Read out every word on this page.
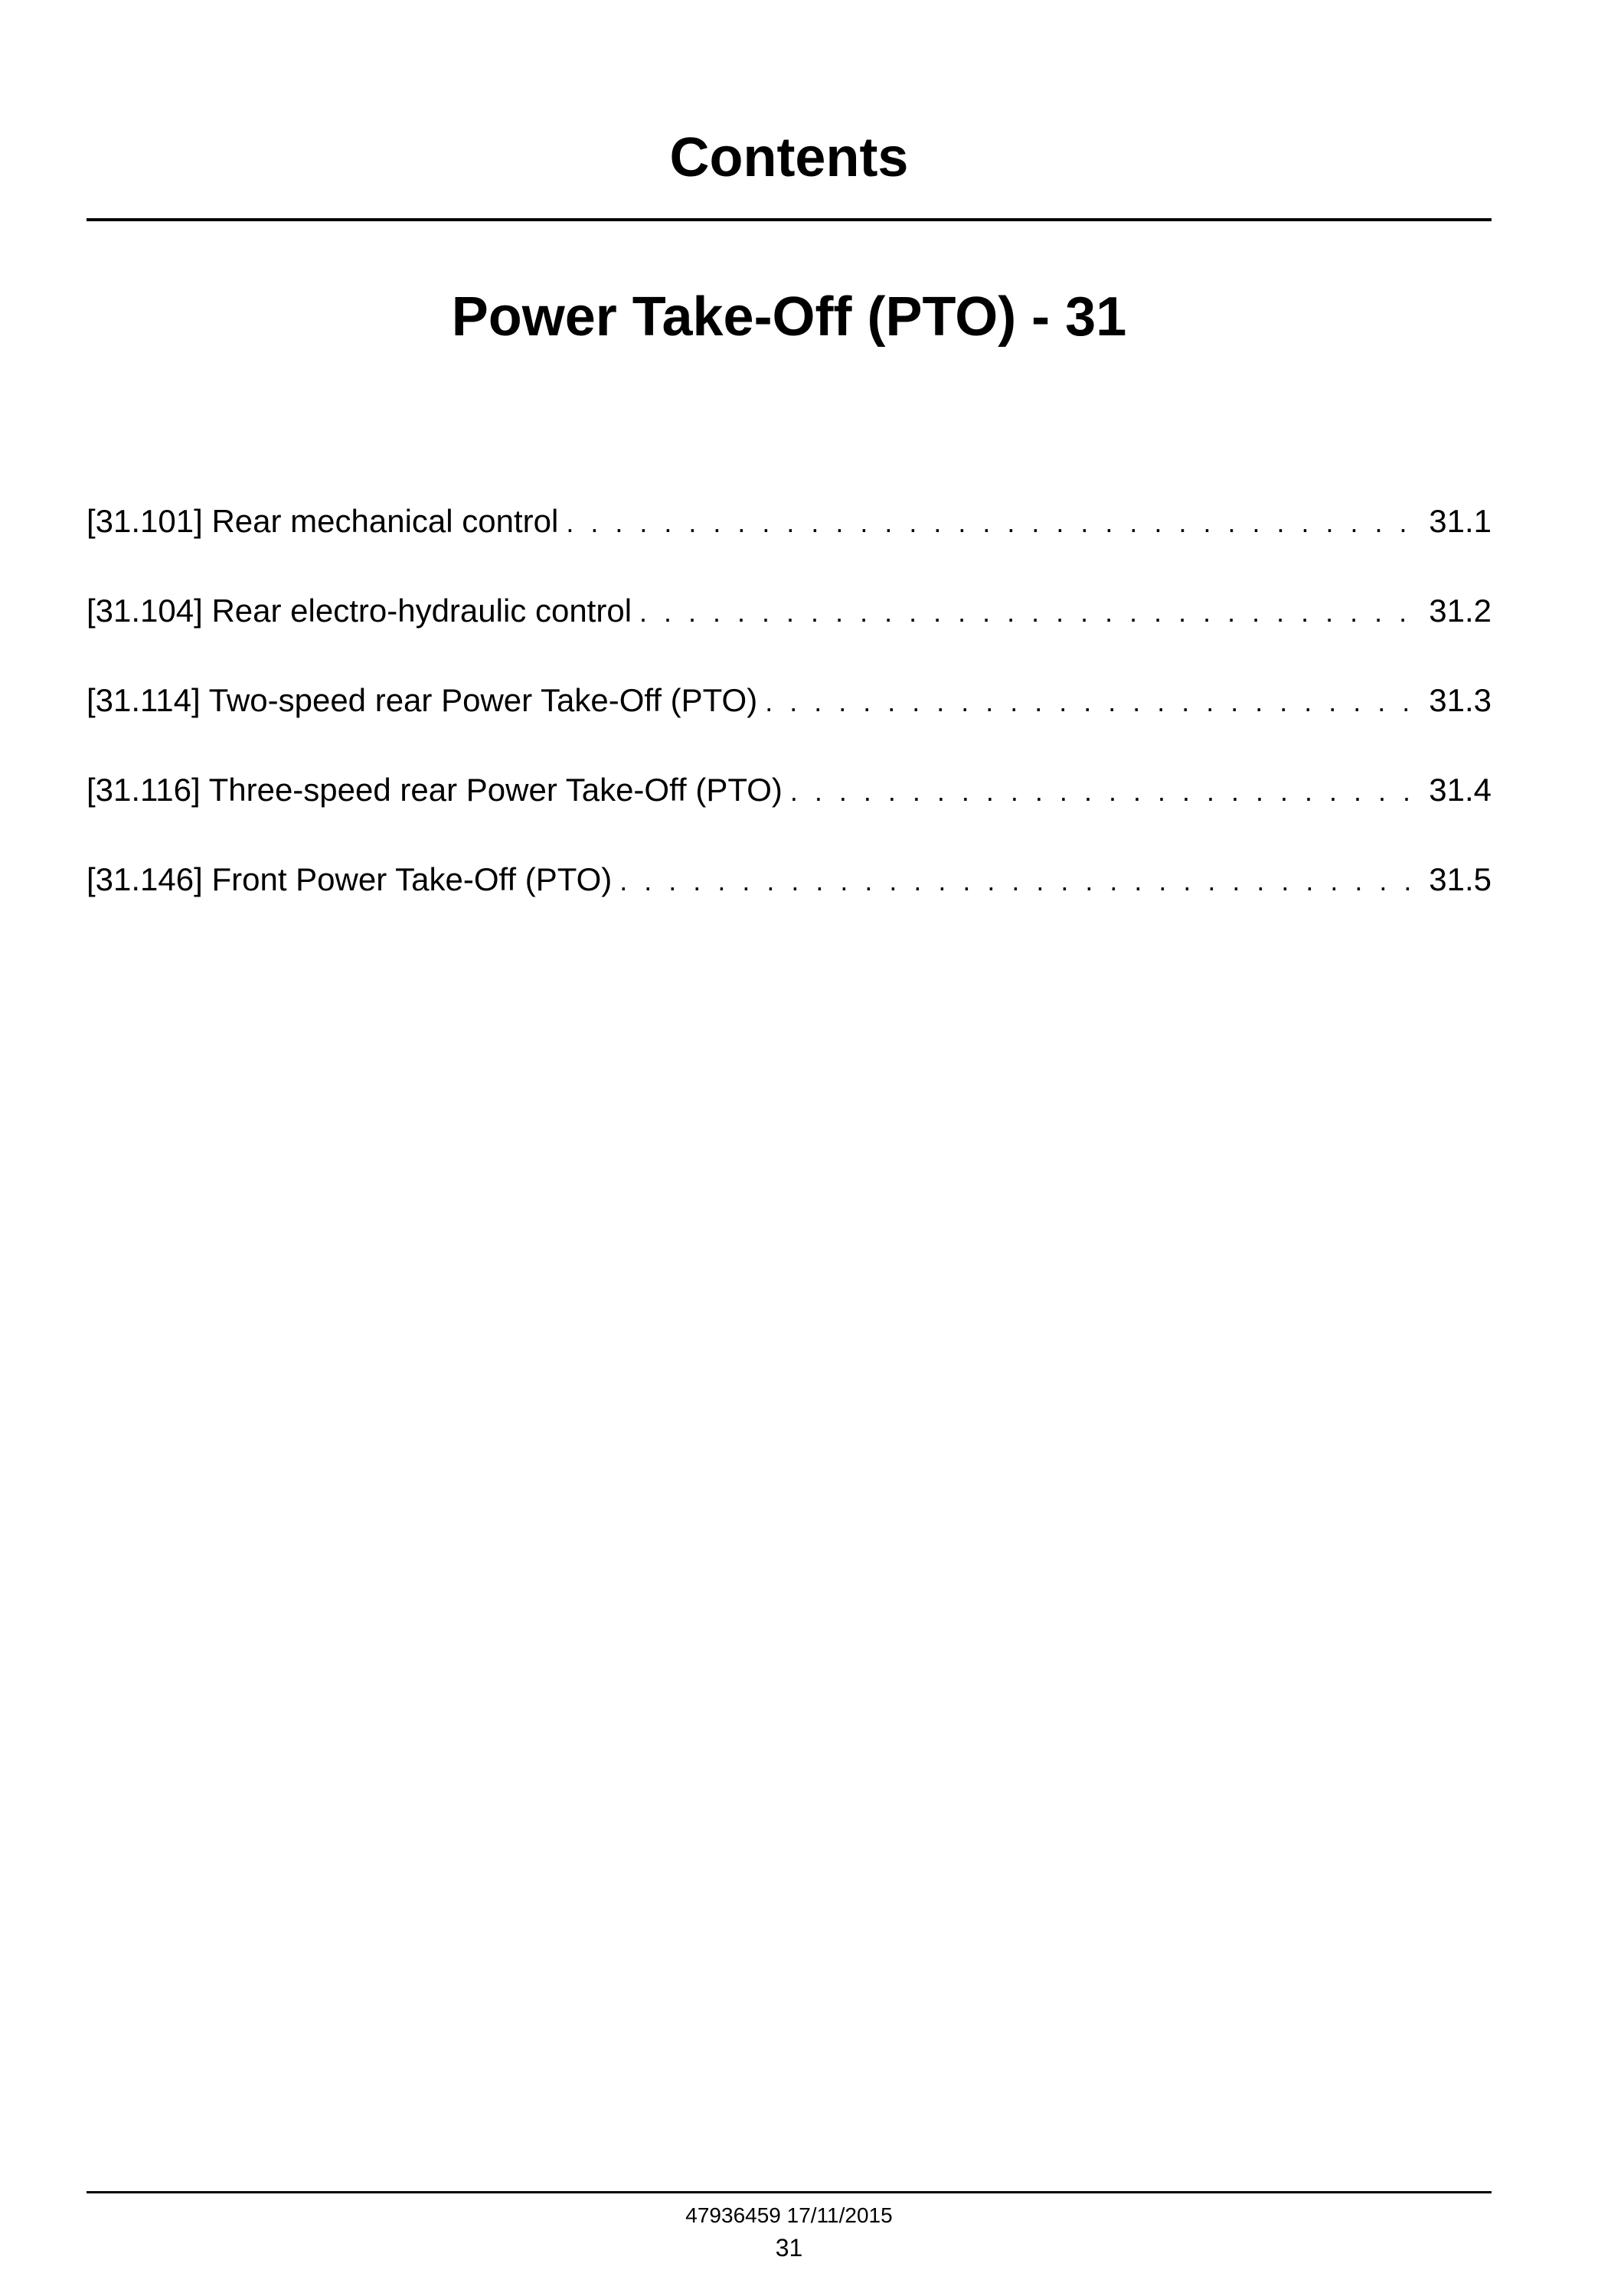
Contents
Power Take-Off (PTO) - 31
[31.101] Rear mechanical control . . .	31.1
[31.104] Rear electro-hydraulic control . . .	31.2
[31.114] Two-speed rear Power Take-Off (PTO) . . .	31.3
[31.116] Three-speed rear Power Take-Off (PTO) . . .	31.4
[31.146] Front Power Take-Off (PTO) . . .	31.5
47936459 17/11/2015
31
